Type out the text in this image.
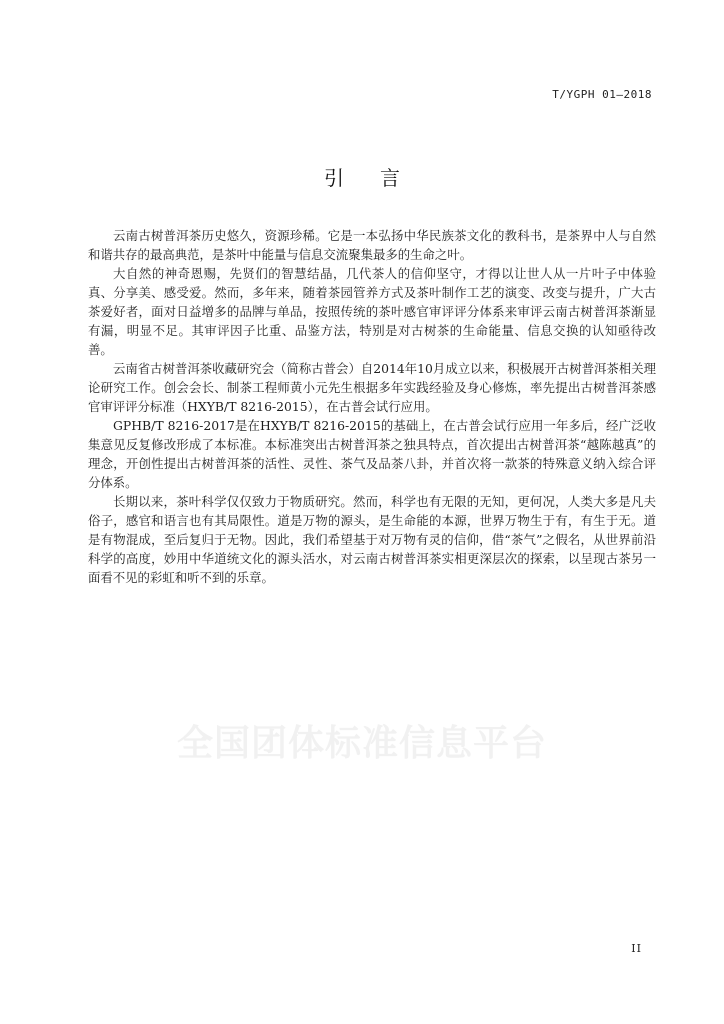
T/YGPH 01—2018
引言
全国团体标准信息平台

云南古树普洱茶历史悠久，资源珍稀。它是一本弘扬中华民族茶文化的教科书，是茶界中人与自然和谐共存的最高典范，是茶叶中能量与信息交流聚集最多的生命之叶。

大自然的神奇恩赐，先贤们的智慧结晶，几代茶人的信仰坚守，才得以让世人从一片叶子中体验真、分享美、感受爱。然而，多年来，随着茶园管养方式及茶叶制作工艺的演变、改变与提升，广大古茶爱好者，面对日益增多的品牌与单品，按照传统的茶叶感官审评评分体系来审评云南古树普洱茶渐显有漏，明显不足。其审评因子比重、品鉴方法，特别是对古树茶的生命能量、信息交换的认知亟待改善。

云南省古树普洱茶收藏研究会（简称古普会）自2014年10月成立以来，积极展开古树普洱茶相关理论研究工作。创会会长、制茶工程师黄小元先生根据多年实践经验及身心修炼，率先提出古树普洱茶感官审评评分标准（HXYB/T 8216-2015），在古普会试行应用。

GPHB/T 8216-2017是在HXYB/T 8216-2015的基础上，在古普会试行应用一年多后，经广泛收集意见反复修改形成了本标准。本标准突出古树普洱茶之独具特点，首次提出古树普洱茶“越陈越真”的理念，开创性提出古树普洱茶的活性、灵性、茶气及品茶八卦，并首次将一款茶的特殊意义纳入综合评分体系。

长期以来，茶叶科学仅仅致力于物质研究。然而，科学也有无限的无知，更何况，人类大多是凡夫俗子，感官和语言也有其局限性。道是万物的源头，是生命能的本源，世界万物生于有，有生于无。道是有物混成，至后复归于无物。因此，我们希望基于对万物有灵的信仰，借“茶气”之假名，从世界前沿科学的高度，妙用中华道统文化的源头活水，对云南古树普洱茶实相更深层次的探索，以呈现古茶另一面看不见的彩虹和听不到的乐章。

II
